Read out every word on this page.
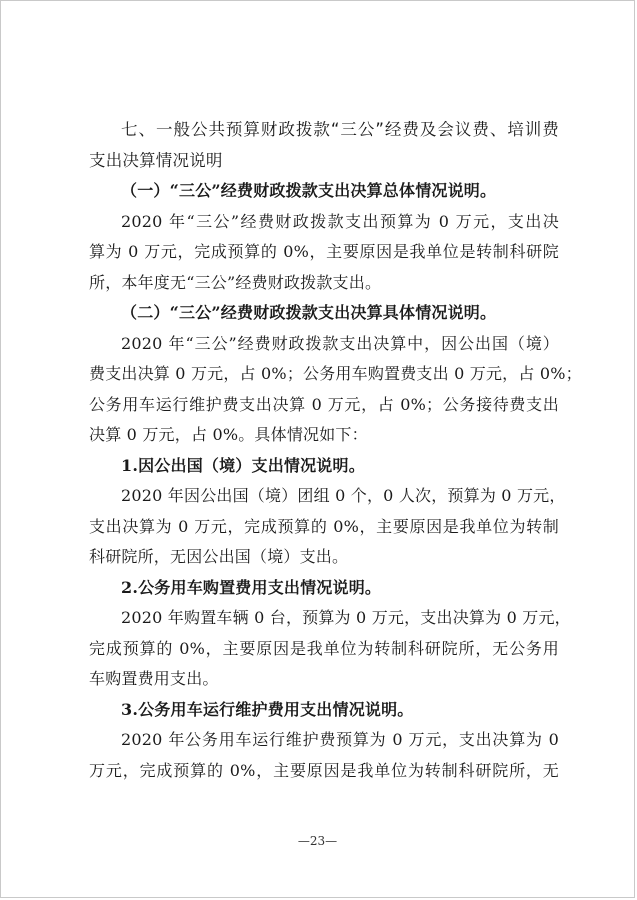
七、一般公共预算财政拨款“三公”经费及会议费、培训费
支出决算情况说明
（一）“三公”经费财政拨款支出决算总体情况说明。
2020 年“三公”经费财政拨款支出预算为 0 万元，支出决
算为 0 万元，完成预算的 0%，主要原因是我单位是转制科研院
所，本年度无“三公”经费财政拨款支出。
（二）“三公”经费财政拨款支出决算具体情况说明。
2020 年“三公”经费财政拨款支出决算中，因公出国（境）
费支出决算 0 万元，占 0%；公务用车购置费支出 0 万元，占 0%；
公务用车运行维护费支出决算 0 万元，占 0%；公务接待费支出
决算 0 万元，占 0%。具体情况如下：
1.因公出国（境）支出情况说明。
2020 年因公出国（境）团组 0 个，0 人次，预算为 0 万元，
支出决算为 0 万元，完成预算的 0%，主要原因是我单位为转制
科研院所，无因公出国（境）支出。
2.公务用车购置费用支出情况说明。
2020 年购置车辆 0 台，预算为 0 万元，支出决算为 0 万元，
完成预算的 0%，主要原因是我单位为转制科研院所，无公务用
车购置费用支出。
3.公务用车运行维护费用支出情况说明。
2020 年公务用车运行维护费预算为 0 万元，支出决算为 0
万元，完成预算的 0%，主要原因是我单位为转制科研院所，无
—23—
